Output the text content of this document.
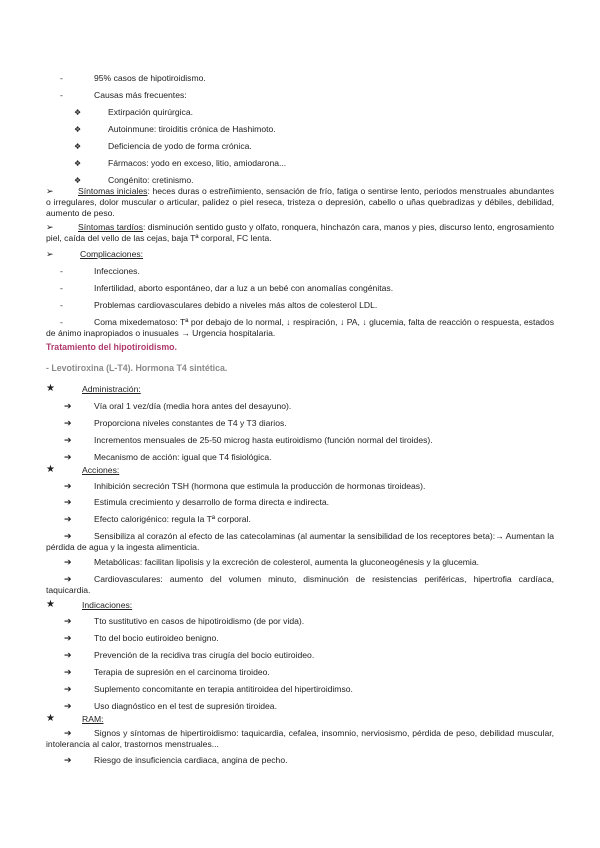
-	95% casos de hipotiroidismo.
-	Causas más frecuentes:
❖	Extirpación quirúrgica.
❖	Autoinmune: tiroiditis crónica de Hashimoto.
❖	Deficiencia de yodo de forma crónica.
❖	Fármacos: yodo en exceso, litio, amiodarona...
❖	Congénito: cretinismo.
➢	Síntomas iniciales: heces duras o estreñimiento, sensación de frío, fatiga o sentirse lento, periodos menstruales abundantes o irregulares, dolor muscular o articular, palidez o piel reseca, tristeza o depresión, cabello o uñas quebradizas y débiles, debilidad, aumento de peso.
➢	Síntomas tardíos: disminución sentido gusto y olfato, ronquera, hinchazón cara, manos y pies, discurso lento, engrosamiento piel, caída del vello de las cejas, baja Tª corporal, FC lenta.
➢	Complicaciones:
-	Infecciones.
-	Infertilidad, aborto espontáneo, dar a luz a un bebé con anomalías congénitas.
-	Problemas cardiovasculares debido a niveles más altos de colesterol LDL.
-	Coma mixedematoso: Tª por debajo de lo normal, ↓ respiración, ↓ PA, ↓ glucemia, falta de reacción o respuesta, estados de ánimo inapropiados o inusuales → Urgencia hospitalaria.
Tratamiento del hipotiroidismo.
- Levotiroxina (L-T4). Hormona T4 sintética.
★	Administración:
➔	Vía oral 1 vez/día (media hora antes del desayuno).
➔	Proporciona niveles constantes de T4 y T3 diarios.
➔	Incrementos mensuales de 25-50 microg hasta eutiroidismo (función normal del tiroides).
➔	Mecanismo de acción: igual que T4 fisiológica.
★	Acciones:
➔	Inhibición secreción TSH (hormona que estimula la producción de hormonas tiroideas).
➔	Estimula crecimiento y desarrollo de forma directa e indirecta.
➔	Efecto calorigénico: regula la Tª corporal.
➔	Sensibiliza al corazón al efecto de las catecolaminas (al aumentar la sensibilidad de los receptores beta):→ Aumentan la pérdida de agua y la ingesta alimenticia.
➔	Metabólicas: facilitan lipolisis y la excreción de colesterol, aumenta la gluconeogénesis y la glucemia.
➔	Cardiovasculares: aumento del volumen minuto, disminución de resistencias periféricas, hipertrofia cardíaca, taquicardia.
★	Indicaciones:
➔	Tto sustitutivo en casos de hipotiroidismo (de por vida).
➔	Tto del bocio eutiroideo benigno.
➔	Prevención de la recidiva tras cirugía del bocio eutiroideo.
➔	Terapia de supresión en el carcinoma tiroideo.
➔	Suplemento concomitante en terapia antitiroidea del hipertiroidimso.
➔	Uso diagnóstico en el test de supresión tiroidea.
★	RAM:
➔	Signos y síntomas de hipertiroidismo: taquicardia, cefalea, insomnio, nerviosismo, pérdida de peso, debilidad muscular, intolerancia al calor, trastornos menstruales...
➔	Riesgo de insuficiencia cardiaca, angina de pecho.
